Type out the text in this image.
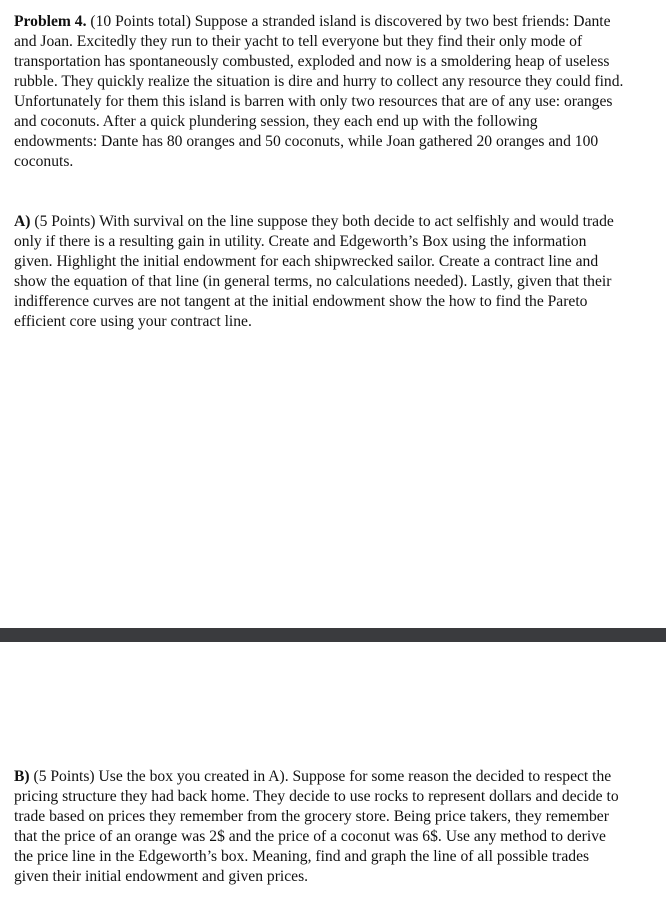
Problem 4. (10 Points total) Suppose a stranded island is discovered by two best friends: Dante
and Joan. Excitedly they run to their yacht to tell everyone but they find their only mode of
transportation has spontaneously combusted, exploded and now is a smoldering heap of useless
rubble. They quickly realize the situation is dire and hurry to collect any resource they could find.
Unfortunately for them this island is barren with only two resources that are of any use: oranges
and coconuts. After a quick plundering session, they each end up with the following
endowments: Dante has 80 oranges and 50 coconuts, while Joan gathered 20 oranges and 100
coconuts.

A) (5 Points) With survival on the line suppose they both decide to act selfishly and would trade
only if there is a resulting gain in utility. Create and Edgeworth’s Box using the information
given. Highlight the initial endowment for each shipwrecked sailor. Create a contract line and
show the equation of that line (in general terms, no calculations needed). Lastly, given that their
indifference curves are not tangent at the initial endowment show the how to find the Pareto
efficient core using your contract line.

B) (5 Points) Use the box you created in A). Suppose for some reason the decided to respect the
pricing structure they had back home. They decide to use rocks to represent dollars and decide to
trade based on prices they remember from the grocery store. Being price takers, they remember
that the price of an orange was 2$ and the price of a coconut was 6$. Use any method to derive
the price line in the Edgeworth’s box. Meaning, find and graph the line of all possible trades
given their initial endowment and given prices.
